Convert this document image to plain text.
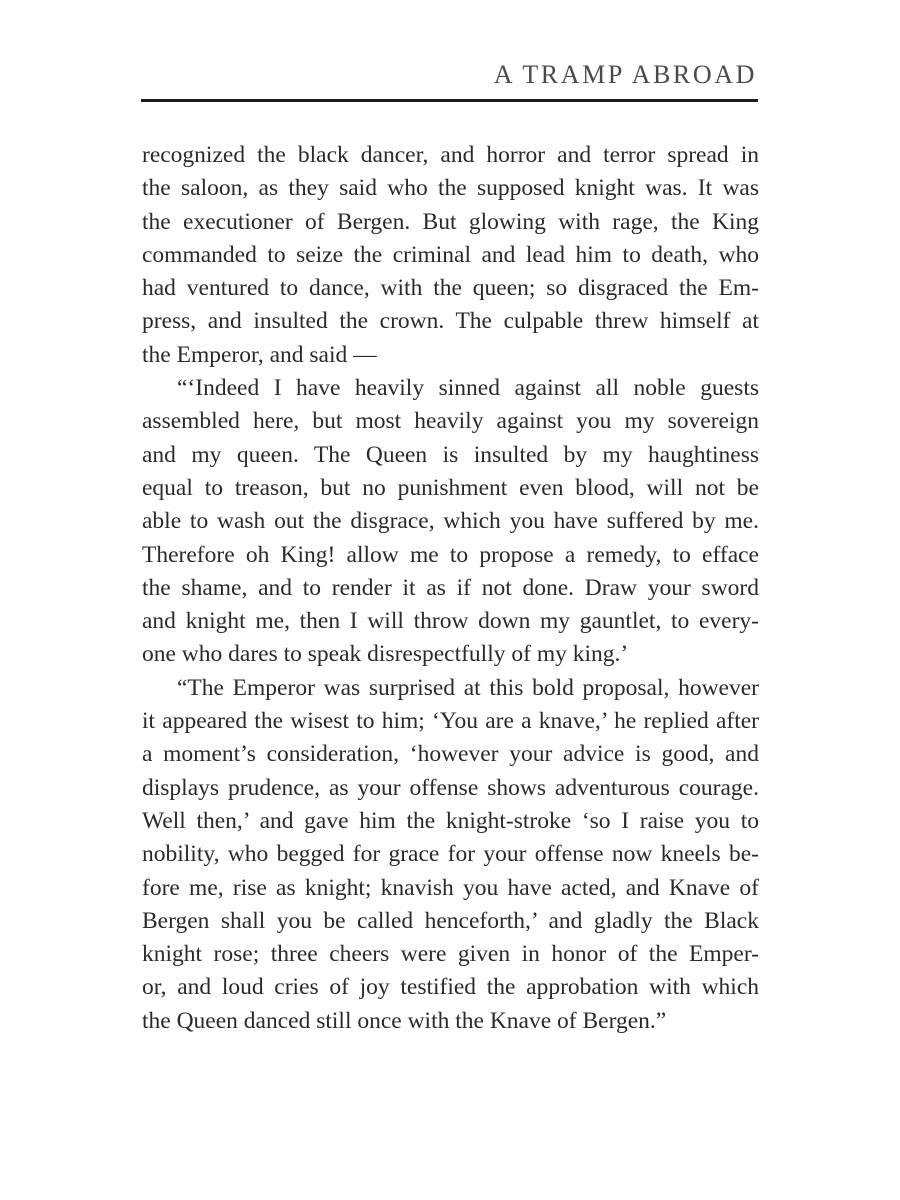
A TRAMP ABROAD
recognized the black dancer, and horror and terror spread in
the saloon, as they said who the supposed knight was. It was
the executioner of Bergen. But glowing with rage, the King
commanded to seize the criminal and lead him to death, who
had ventured to dance, with the queen; so disgraced the Em-
press, and insulted the crown. The culpable threw himself at
the Emperor, and said —
“‘Indeed I have heavily sinned against all noble guests
assembled here, but most heavily against you my sovereign
and my queen. The Queen is insulted by my haughtiness
equal to treason, but no punishment even blood, will not be
able to wash out the disgrace, which you have suffered by me.
Therefore oh King! allow me to propose a remedy, to efface
the shame, and to render it as if not done. Draw your sword
and knight me, then I will throw down my gauntlet, to every-
one who dares to speak disrespectfully of my king.’
“The Emperor was surprised at this bold proposal, however
it appeared the wisest to him; ‘You are a knave,’ he replied after
a moment’s consideration, ‘however your advice is good, and
displays prudence, as your offense shows adventurous courage.
Well then,’ and gave him the knight-stroke ‘so I raise you to
nobility, who begged for grace for your offense now kneels be-
fore me, rise as knight; knavish you have acted, and Knave of
Bergen shall you be called henceforth,’ and gladly the Black
knight rose; three cheers were given in honor of the Emper-
or, and loud cries of joy testified the approbation with which
the Queen danced still once with the Knave of Bergen.”
